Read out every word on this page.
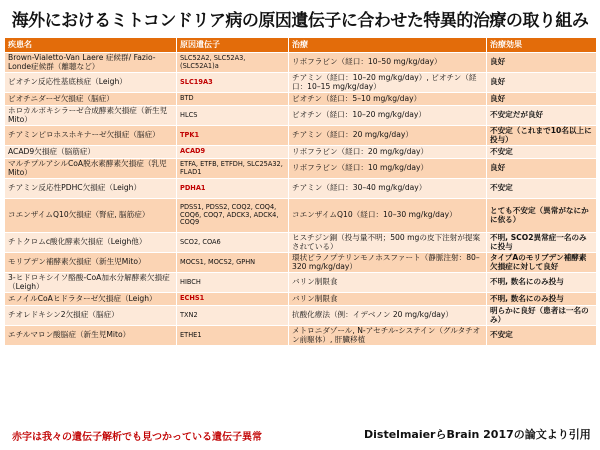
海外におけるミトコンドリア病の原因遺伝子に合わせた特異的治療の取り組み
疾患名	原因遺伝子	治療	治療効果
Brown-Vialetto-Van Laere 症候群/ Fazio-Londe症候群（離聴など）	SLC52A2, SLC52A3, (SLC52A1)a	リボフラビン（経口：10–50 mg/kg/day）	良好
ビオチン反応性基底核症（Leigh）	SLC19A3	チアミン（経口：10–20 mg/kg/day）, ビオチン（経口：10–15 mg/kg/day）	良好
ビオチニダーゼ欠損症（脳症）	BTD	ビオチン（経口：5–10 mg/kg/day）	良好
ホロカルボキシラーゼ合成酵素欠損症（新生児Mito）	HLCS	ビオチン（経口：10–20 mg/kg/day）	不安定だが良好
チアミンピロホスホキナーゼ欠損症（脳症）	TPK1	チアミン（経口：20 mg/kg/day）	不安定（これまで10名以上に投与）
ACAD9欠損症（脳筋症）	ACAD9	リボフラビン（経口：20 mg/kg/day）	不安定
マルチプルアシルCoA脱水素酵素欠損症（乳児Mito）	ETFA, ETFB, ETFDH, SLC25A32, FLAD1	リボフラビン（経口：10 mg/kg/day）	良好
チアミン反応性PDHC欠損症（Leigh）	PDHA1	チアミン（経口：30–40 mg/kg/day）	不安定
コエンザイムQ10欠損症（腎症, 脳筋症）	PDSS1, PDSS2, COQ2, COQ4, COQ6, COQ7, ADCK3, ADCK4, COQ9	コエンザイムQ10（経口：10–30 mg/kg/day）	とても不安定（異常がなにかに依る）
チトクロムc酸化酵素欠損症（Leigh他）	SCO2, COA6	ヒスチジン銅（投与量不明；500 mgの皮下注射が提案されている）	不明, SCO2異常症一名のみに投与
モリブデン補酵素欠損症（新生児Mito）	MOCS1, MOCS2, GPHN	環状ピラノプテリンモノホスファート（静脈注射：80–320 mg/kg/day）	タイプAのモリブデン補酵素欠損症に対して良好
3-ヒドロキシイソ酪酸-CoA加水分解酵素欠損症（Leigh）	HIBCH	バリン制限食	不明, 数名にのみ投与
エノイルCoAヒドラターゼ欠損症（Leigh）	ECHS1	バリン制限食	不明, 数名にのみ投与
チオレドキシン2欠損症（脳症）	TXN2	抗酸化療法（例：イデベノン 20 mg/kg/day）	明らかに良好（患者は一名のみ）
エチルマロン酸脳症（新生児Mito）	ETHE1	メトロニダゾール, N-アセチル-システイン（グルタチオン前駆体）, 肝臓移植	不安定
赤字は我々の遺伝子解析でも見つかっている遺伝子異常	DistelmaierらBrain 2017の論文より引用
